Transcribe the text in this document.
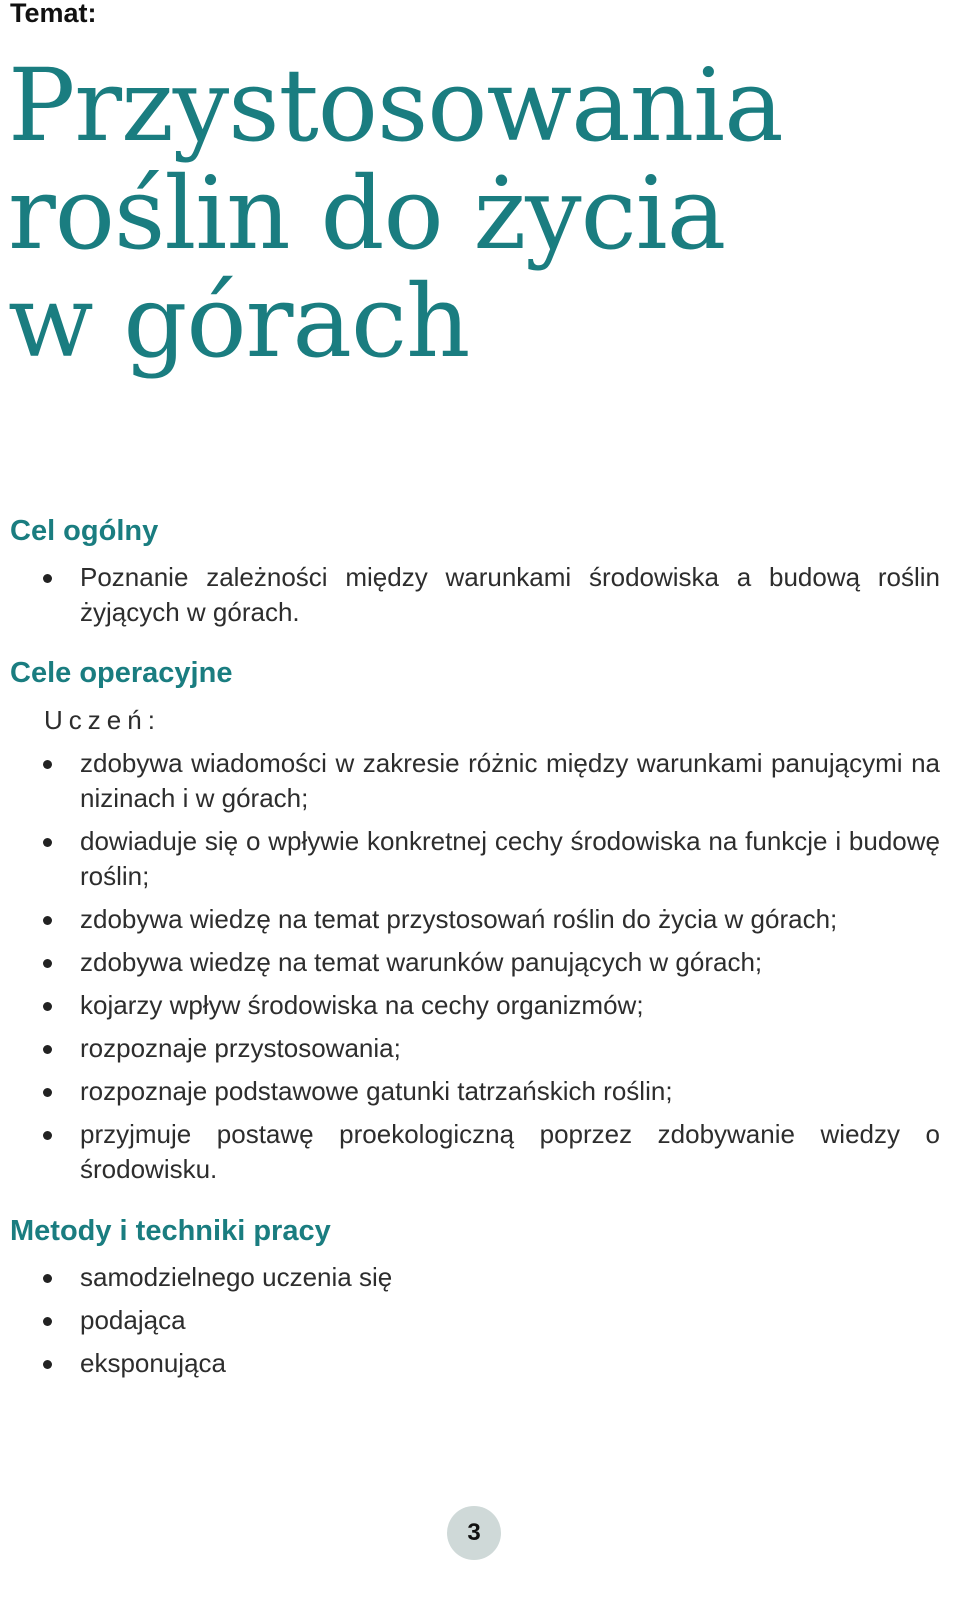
Temat:

Przystosowania
roślin do życia
w górach
Cel ogólny
Poznanie zależności między warunkami środowiska a budową roślin żyjących w górach.
Cele operacyjne

Uczeń:

zdobywa wiadomości w zakresie różnic między warunkami panującymi na nizinach i w górach;
dowiaduje się o wpływie konkretnej cechy środowiska na funkcje i budowę roślin;
zdobywa wiedzę na temat przystosowań roślin do życia w górach;
zdobywa wiedzę na temat warunków panujących w górach;
kojarzy wpływ środowiska na cechy organizmów;
rozpoznaje przystosowania;
rozpoznaje podstawowe gatunki tatrzańskich roślin;
przyjmuje postawę proekologiczną poprzez zdobywanie wiedzy o środowisku.
Metody i techniki pracy
samodzielnego uczenia się
podająca
eksponująca
3
